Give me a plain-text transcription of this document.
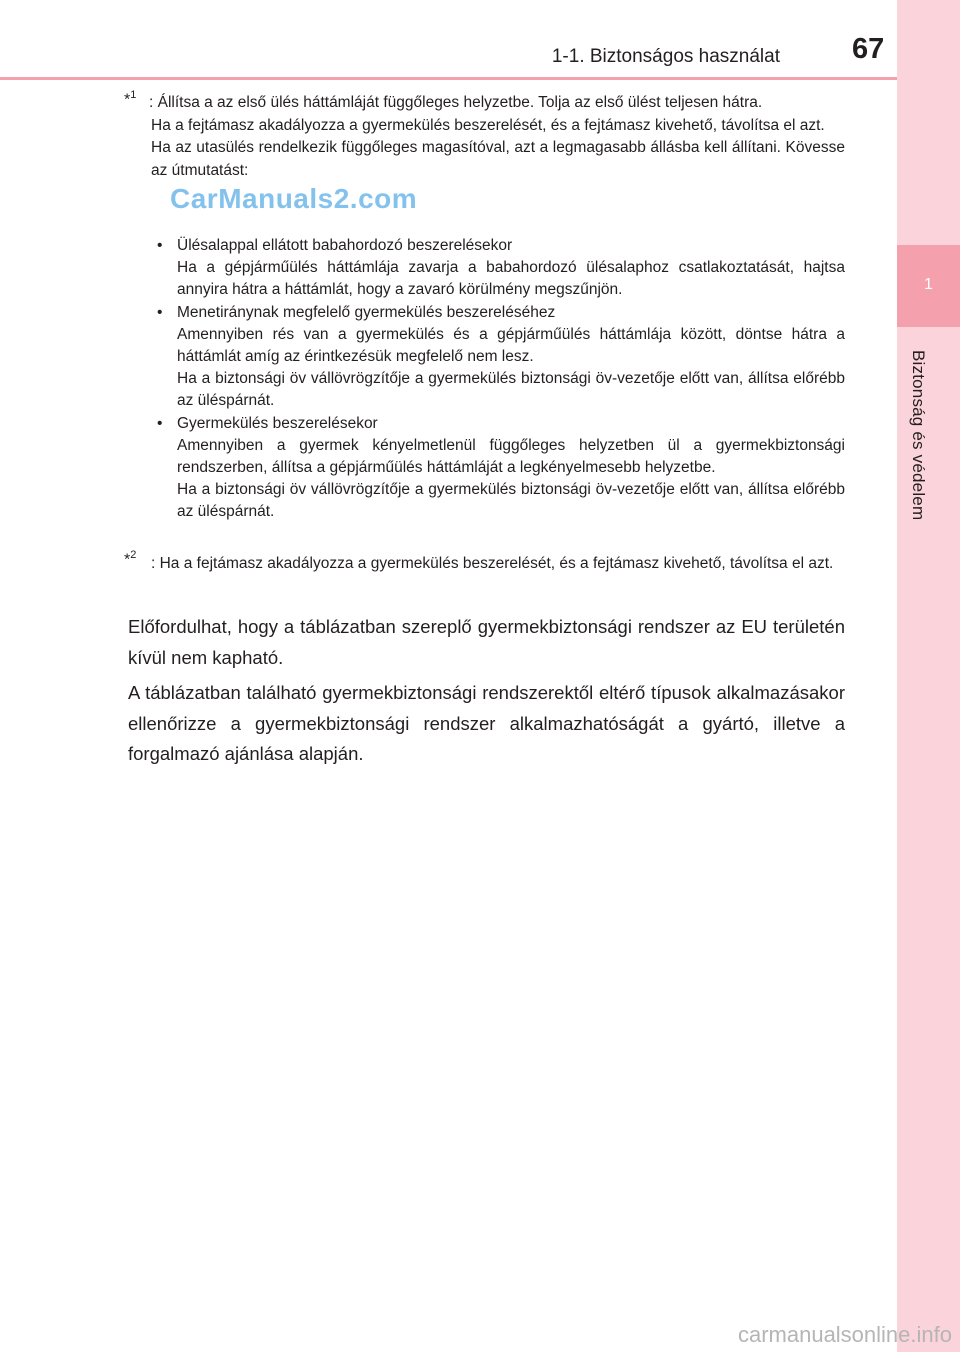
1
Biztonság és védelem
1-1. Biztonságos használat 67
*$^1$ : Állítsa a az első ülés háttámláját függőleges helyzetbe. Tolja az első ülést teljesen hátra.

Ha a fejtámasz akadályozza a gyermekülés beszerelését, és a fejtámasz kivehető, távolítsa el azt.

Ha az utasülés rendelkezik függőleges magasítóval, azt a legmagasabb állásba kell állítani. Kövesse az útmutatást:

• Ülésalappal ellátott babahordozó beszerelésekor

Ha a gépjárműülés háttámlája zavarja a babahordozó ülésalaphoz csatlakoztatását, hajtsa annyira hátra a háttámlát, hogy a zavaró körülmény megszűnjön.

• Menetiránynak megfelelő gyermekülés beszereléséhez

Amennyiben rés van a gyermekülés és a gépjárműülés háttámlája között, döntse hátra a háttámlát amíg az érintkezésük megfelelő nem lesz.

Ha a biztonsági öv vállövrögzítője a gyermekülés biztonsági öv-vezetője előtt van, állítsa előrébb az üléspárnát.

• Gyermekülés beszerelésekor

Amennyiben a gyermek kényelmetlenül függőleges helyzetben ül a gyermekbiztonsági rendszerben, állítsa a gépjárműülés háttámláját a legkényelmesebb helyzetbe.

Ha a biztonsági öv vállövrögzítője a gyermekülés biztonsági öv-vezetője előtt van, állítsa előrébb az üléspárnát.

*$^2$ : Ha a fejtámasz akadályozza a gyermekülés beszerelését, és a fejtámasz kivehető, távolítsa el azt.

Előfordulhat, hogy a táblázatban szereplő gyermekbiztonsági rendszer az EU területén kívül nem kapható.

A táblázatban található gyermekbiztonsági rendszerektől eltérő típusok alkalmazásakor ellenőrizze a gyermekbiztonsági rendszer alkalmazhatóságát a gyártó, illetve a forgalmazó ajánlása alapján.

CarManuals2.com
carmanualsonline.info
